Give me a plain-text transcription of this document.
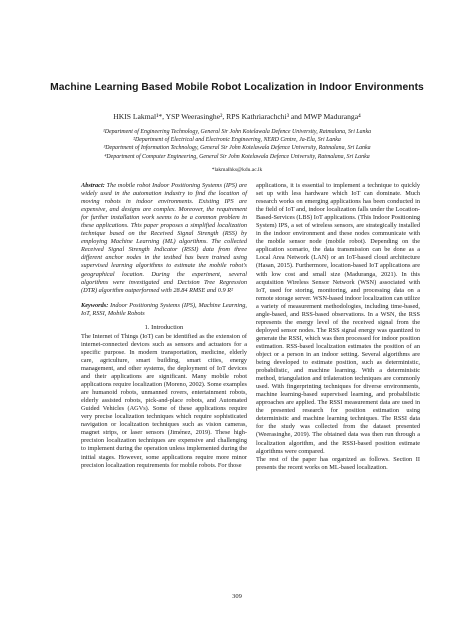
Machine Learning Based Mobile Robot Localization in Indoor Environments
HKIS Lakmal¹*, YSP Weerasinghe², RPS Kathriarachchi³ and MWP Maduranga⁴
¹Department of Engineering Technology, General Sir John Kotelawala Defence University, Ratmalana, Sri Lanka
²Department of Electrical and Electronic Engineering, NERD Centre, Ja-Ela, Sri Lanka
³Department of Information Technology, General Sir John Kotelawala Defence University, Ratmalana, Sri Lanka
⁴Department of Computer Engineering, General Sir John Kotelawala Defence University, Ratmalana, Sri Lanka
*lakmalhks@kdu.ac.lk

Abstract: The mobile robot Indoor Positioning Systems (IPS) are widely used in the automation industry to find the location of moving robots in indoor environments. Existing IPS are expensive, and designs are complex. Moreover, the requirement for further installation work seems to be a common problem in these applications. This paper proposes a simplified localization technique based on the Received Signal Strength (RSS) by employing Machine Learning (ML) algorithms. The collected Received Signal Strength Indicator (RSSI) data from three different anchor nodes in the testbed has been trained using supervised learning algorithms to estimate the mobile robot's geographical location. During the experiment, several algorithms were investigated and Decision Tree Regression (DTR) algorithm outperformed with 28.84 RMSE and 0.9 R²

Keywords: Indoor Positioning Systems (IPS), Machine Learning, IoT, RSSI, Mobile Robots

1. Introduction

The Internet of Things (IoT) can be identified as the extension of internet-connected devices such as sensors and actuators for a specific purpose. In modern transportation, medicine, elderly care, agriculture, smart building, smart cities, energy management, and other systems, the deployment of IoT devices and their applications are significant. Many mobile robot applications require localization (Moreno, 2002). Some examples are humanoid robots, unmanned rovers, entertainment robots, elderly assisted robots, pick-and-place robots, and Automated Guided Vehicles (AGVs). Some of these applications require very precise localization techniques which require sophisticated navigation or localization techniques such as vision cameras, magnet strips, or laser sensors (Jiménez, 2019). These high-precision localization techniques are expensive and challenging to implement during the operation unless implemented during the initial stages. However, some applications require more minor precision localization requirements for mobile robots. For those

applications, it is essential to implement a technique to quickly set up with less hardware which IoT can dominate. Much research works on emerging applications has been conducted in the field of IoT and, indoor localization falls under the Location-Based-Services (LBS) IoT applications. (This Indoor Positioning System) IPS, a set of wireless sensors, are strategically installed in the indoor environment and these nodes communicate with the mobile sensor node (mobile robot). Depending on the application scenario, the data transmission can be done as a Local Area Network (LAN) or an IoT-based cloud architecture (Hasan, 2015). Furthermore, location-based IoT applications are with low cost and small size (Maduranga, 2021). In this acquisition Wireless Sensor Network (WSN) associated with IoT, used for storing, monitoring, and processing data on a remote storage server. WSN-based indoor localization can utilize a variety of measurement methodologies, including time-based, angle-based, and RSS-based observations. In a WSN, the RSS represents the energy level of the received signal from the deployed sensor nodes. The RSS signal energy was quantized to generate the RSSI, which was then processed for indoor position estimation. RSS-based localization estimates the position of an object or a person in an indoor setting. Several algorithms are being developed to estimate position, such as deterministic, probabilistic, and machine learning. With a deterministic method, triangulation and trilateration techniques are commonly used. With fingerprinting techniques for diverse environments, machine learning-based supervised learning, and probabilistic approaches are applied. The RSSI measurement data are used in the presented research for position estimation using deterministic and machine learning techniques. The RSSI data for the study was collected from the dataset presented (Weerasinghe, 2019). The obtained data was then run through a localization algorithm, and the RSSI-based position estimate algorithms were compared.

The rest of the paper has organized as follows. Section II presents the recent works on ML-based localization.

309
